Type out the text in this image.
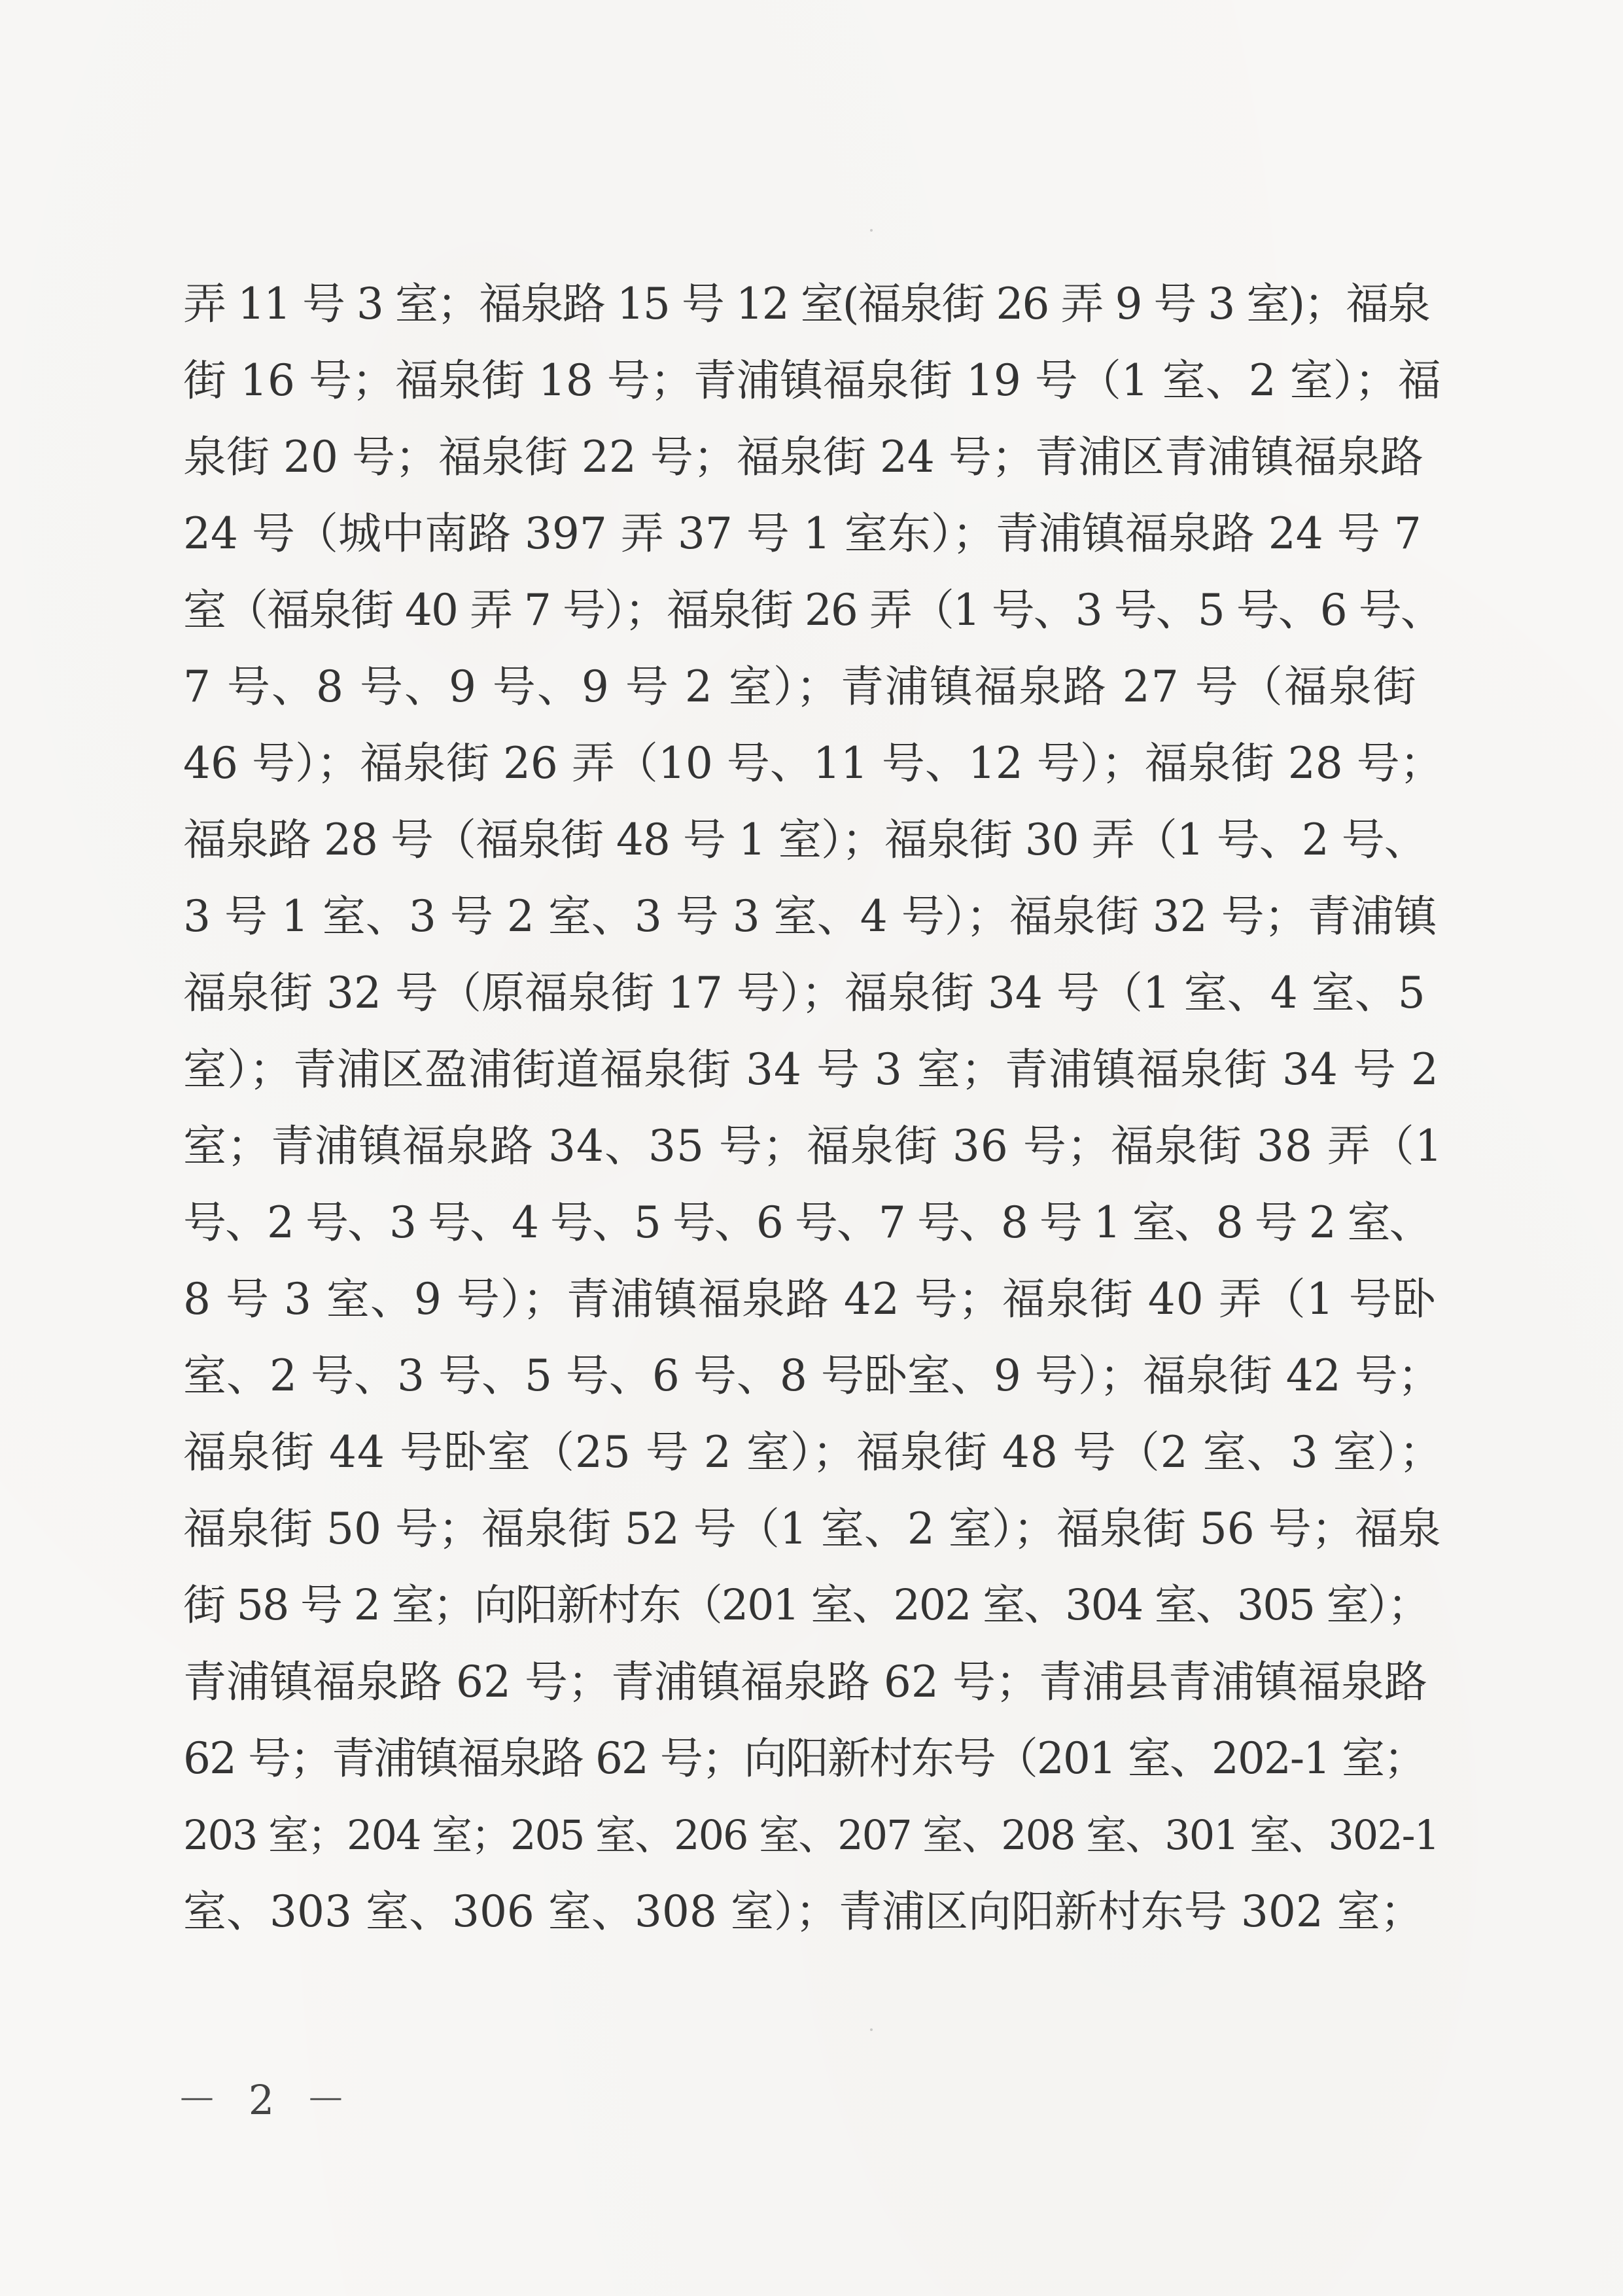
弄 11 号 3 室；福泉路 15 号 12 室(福泉街 26 弄 9 号 3 室)；福泉
街 16 号；福泉街 18 号；青浦镇福泉街 19 号（1 室、2 室）；福
泉街 20 号；福泉街 22 号；福泉街 24 号；青浦区青浦镇福泉路
24 号（城中南路 397 弄 37 号 1 室东）；青浦镇福泉路 24 号 7
室（福泉街 40 弄 7 号）；福泉街 26 弄（1 号、3 号、5 号、6 号、
7 号、8 号、9 号、9 号 2 室）；青浦镇福泉路 27 号（福泉街
46 号）；福泉街 26 弄（10 号、11 号、12 号）；福泉街 28 号；
福泉路 28 号（福泉街 48 号 1 室）；福泉街 30 弄（1 号、2 号、
3 号 1 室、3 号 2 室、3 号 3 室、4 号）；福泉街 32 号；青浦镇
福泉街 32 号（原福泉街 17 号）；福泉街 34 号（1 室、4 室、5
室）；青浦区盈浦街道福泉街 34 号 3 室；青浦镇福泉街 34 号 2
室；青浦镇福泉路 34、35 号；福泉街 36 号；福泉街 38 弄（1
号、2 号、3 号、4 号、5 号、6 号、7 号、8 号 1 室、8 号 2 室、
8 号 3 室、9 号）；青浦镇福泉路 42 号；福泉街 40 弄（1 号卧
室、2 号、3 号、5 号、6 号、8 号卧室、9 号）；福泉街 42 号；
福泉街 44 号卧室（25 号 2 室）；福泉街 48 号（2 室、3 室）；
福泉街 50 号；福泉街 52 号（1 室、2 室）；福泉街 56 号；福泉
街 58 号 2 室；向阳新村东（201 室、202 室、304 室、305 室）；
青浦镇福泉路 62 号；青浦镇福泉路 62 号；青浦县青浦镇福泉路
62 号；青浦镇福泉路 62 号；向阳新村东号（201 室、202-1 室；
203 室；204 室；205 室、206 室、207 室、208 室、301 室、302-1
室、303 室、306 室、308 室）；青浦区向阳新村东号 302 室；
－ 2 －
